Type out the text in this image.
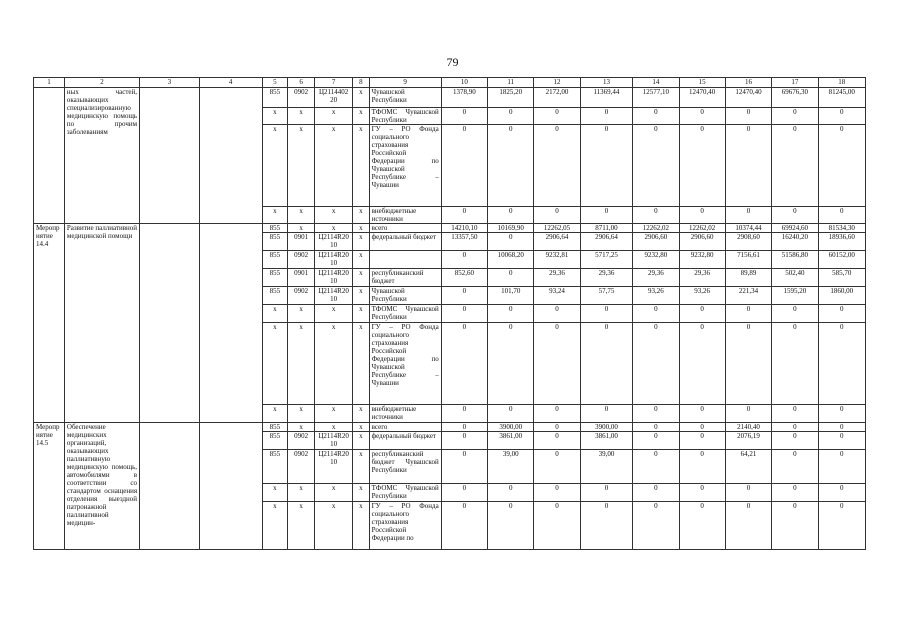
79
1	2	3	4	5	6	7	8	9	10	11	12	13	14	15	16	17	18
	ных частей, оказывающих специализированную медицинскую помощь по прочим заболеваниям			855	0902	Ц2114402 20	x	Чувашской Республики	1378,90	1825,20	2172,00	11369,44	12577,10	12470,40	12470,40	69676,30	81245,00
				x	x	x	x	ТФОМС Чувашской Республики	0	0	0	0	0	0	0	0	0
				x	x	x	x	ГУ – РО Фонда социального страхования Российской Федерации по Чувашской Республике – Чувашии	0	0	0	0	0	0	0	0	0
				x	x	x	x	внебюджетные источники	0	0	0	0	0	0	0	0	0
Мероприятие 14.4	Развитие паллиативной медицинской помощи			855	x	x	x	всего	14210,10	10169,90	12262,05	8711,00	12262,02	12262,02	10374,44	69924,60	81534,30
				855	0901	Ц2114R20 10	x	федеральный бюджет	13357,50	0	2906,64	2906,64	2906,60	2906,60	2908,60	16240,20	18936,60
				855	0902	Ц2114R20 10	x		0	10068,20	9232,81	5717,25	9232,80	9232,80	7156,61	51586,80	60152,00
				855	0901	Ц2114R20 10	x	республиканский бюджет	852,60	0	29,36	29,36	29,36	29,36	89,89	502,40	585,70
				855	0902	Ц2114R20 10	x	Чувашской Республики	0	101,70	93,24	57,75	93,26	93,26	221,34	1595,20	1860,00
				x	x	x	x	ТФОМС Чувашской Республики	0	0	0	0	0	0	0	0	0
				x	x	x	x	ГУ – РО Фонда социального страхования Российской Федерации по Чувашской Республике – Чувашии	0	0	0	0	0	0	0	0	0
				x	x	x	x	внебюджетные источники	0	0	0	0	0	0	0	0	0
Мероприятие 14.5	Обеспечение медицинских организаций, оказывающих паллиативную медицинскую помощь, автомобилями в соответствии со стандартом оснащения отделения выездной патронажной паллиативной медицин-			855	x	x	x	всего	0	3900,00	0	3900,00	0	0	2140,40	0	0
				855	0902	Ц2114R20 10	x	федеральный бюджет	0	3861,00	0	3861,00	0	0	2076,19	0	0
				855	0902	Ц2114R20 10	x	республиканский бюджет Чувашской Республики	0	39,00	0	39,00	0	0	64,21	0	0
				x	x	x	x	ТФОМС Чувашской Республики	0	0	0	0	0	0	0	0	0
				x	x	x	x	ГУ – РО Фонда социального страхования Российской Федерации по	0	0	0	0	0	0	0	0	0
